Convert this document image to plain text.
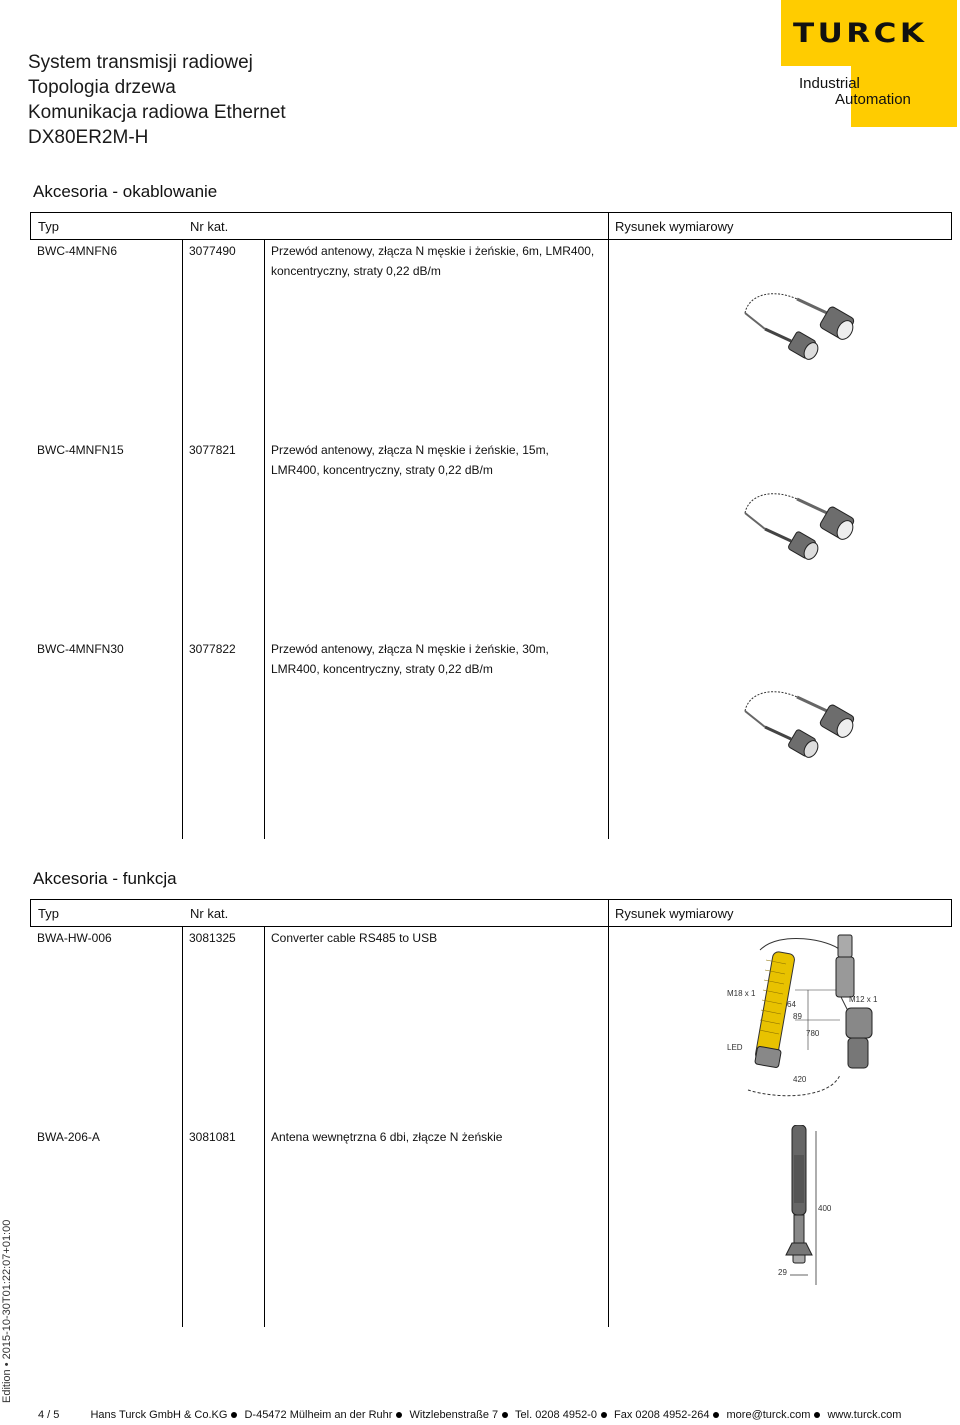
System transmisji radiowej
Topologia drzewa
Komunikacja radiowa Ethernet
DX80ER2M-H
TURCK
Industrial
Automation
Akcesoria - okablowanie
Typ	Nr kat.	Rysunek wymiarowy
BWC-4MNFN6	3077490	Przewód antenowy, złącza N męskie i żeńskie, 6m, LMR400,
koncentryczny, straty 0,22 dB/m
BWC-4MNFN15	3077821	Przewód antenowy, złącza N męskie i żeńskie, 15m,
LMR400, koncentryczny, straty 0,22 dB/m
BWC-4MNFN30	3077822	Przewód antenowy, złącza N męskie i żeńskie, 30m,
LMR400, koncentryczny, straty 0,22 dB/m
Akcesoria - funkcja
Typ	Nr kat.	Rysunek wymiarowy
BWA-HW-006	3081325	Converter cable RS485 to USB
BWA-206-A	3081081	Antena wewnętrzna 6 dbi, złącze N żeńskie
M18 x 1
64
89
M12 x 1
780
LED
420
400
29
Edition • 2015-10-30T01:22:07+01:00
4 / 5	Hans Turck GmbH & Co.KG D-45472 Mülheim an der Ruhr Witzlebenstraße 7 Tel. 0208 4952-0 Fax 0208 4952-264 more@turck.com www.turck.com
